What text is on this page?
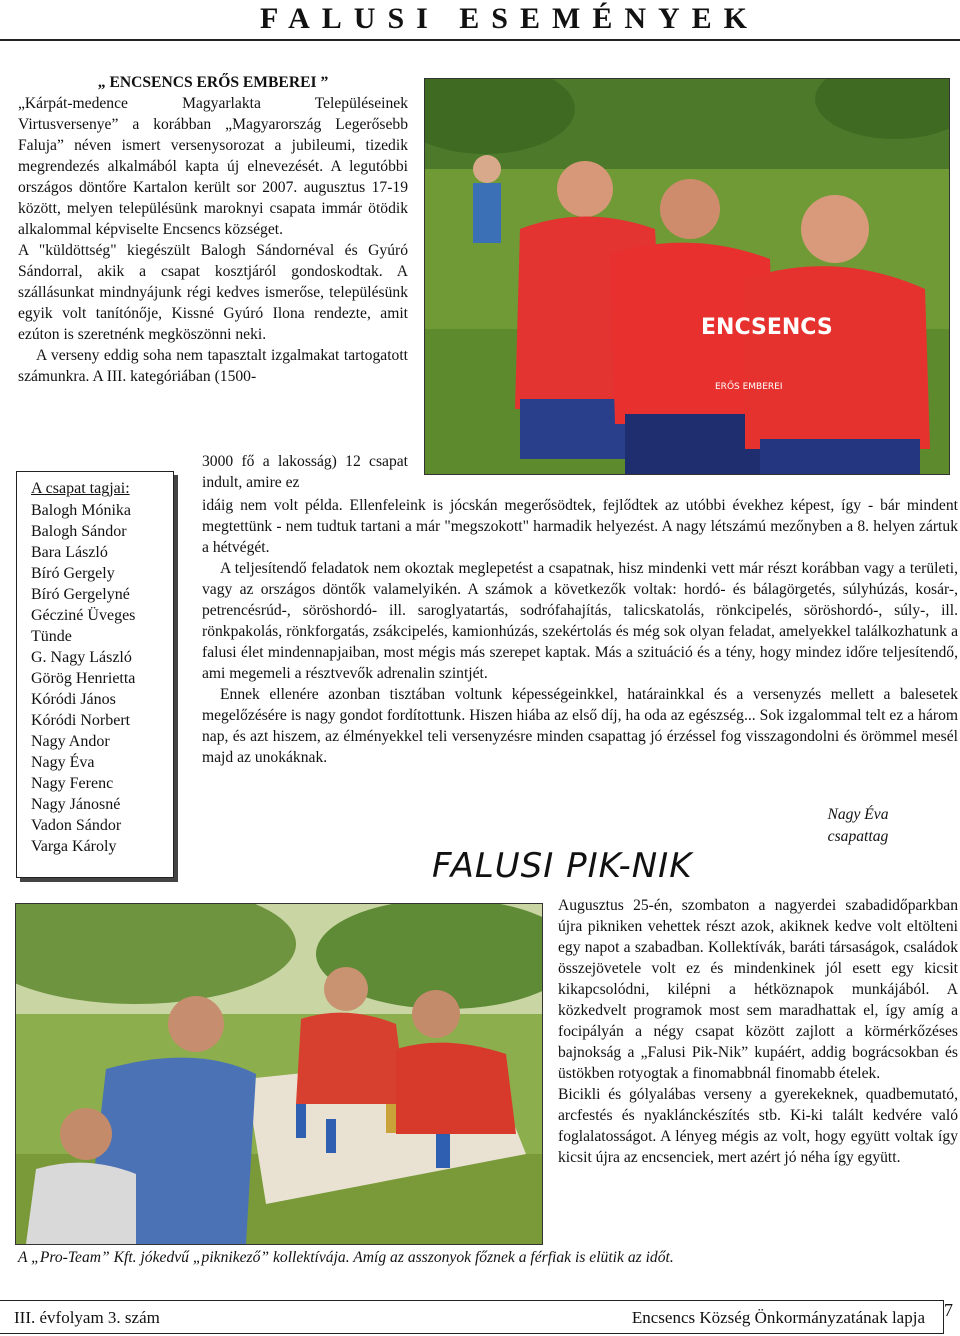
FALUSI ESEMÉNYEK

„ ENCSENCS ERŐS EMBEREI ”

„Kárpát-medence Magyarlakta Településeinek Virtusversenye” a korábban „Magyarország Legerősebb Faluja” néven ismert versenysorozat a jubileumi, tizedik megrendezés alkalmából kapta új elnevezését. A legutóbbi országos döntőre Kartalon került sor 2007. augusztus 17-19 között, melyen településünk maroknyi csapata immár ötödik alkalommal képviselte Encsencs községet.

A "küldöttség" kiegészült Balogh Sándornéval és Gyúró Sándorral, akik a csapat kosztjáról gondoskodtak. A szállásunkat mindnyájunk régi kedves ismerőse, településünk egyik volt tanítónője, Kissné Gyúró Ilona rendezte, amit ezúton is szeretnénk megköszönni neki.

A verseny eddig soha nem tapasztalt izgalmakat tartogatott számunkra. A III. kategóriában (1500-

ENCSENCS
ERŐS EMBEREI
3000 fő a lakosság) 12 csapat indult, amire ez
A csapat tagjai:
Balogh Mónika
Balogh Sándor
Bara László
Bíró Gergely
Bíró Gergelyné
Gécziné Üveges
Tünde
G. Nagy László
Görög Henrietta
Kóródi János
Kóródi Norbert
Nagy Andor
Nagy Éva
Nagy Ferenc
Nagy Jánosné
Vadon Sándor
Varga Károly

idáig nem volt példa. Ellenfeleink is jócskán megerősödtek, fejlődtek az utóbbi évekhez képest, így - bár mindent megtettünk - nem tudtuk tartani a már "megszokott" harmadik helyezést. A nagy létszámú mezőnyben a 8. helyen zártuk a hétvégét.

A teljesítendő feladatok nem okoztak meglepetést a csapatnak, hisz mindenki vett már részt korábban vagy a területi, vagy az országos döntők valamelyikén. A számok a következők voltak: hordó- és bálagörgetés, súlyhúzás, kosár-, petrencésrúd-, söröshordó- ill. saroglyatartás, sodrófahajítás, talicskatolás, rönkcipelés, söröshordó-, súly-, ill. rönkpakolás, rönkforgatás, zsákcipelés, kamionhúzás, szekértolás és még sok olyan feladat, amelyekkel találkozhatunk a falusi élet mindennapjaiban, most mégis más szerepet kaptak. Más a szituáció és a tény, hogy mindez időre teljesítendő, ami megemeli a résztvevők adrenalin szintjét.

Ennek ellenére azonban tisztában voltunk képességeinkkel, határainkkal és a versenyzés mellett a balesetek megelőzésére is nagy gondot fordítottunk. Hiszen hiába az első díj, ha oda az egészség... Sok izgalommal telt ez a három nap, és azt hiszem, az élményekkel teli versenyzésre minden csapattag jó érzéssel fog visszagondolni és örömmel mesél majd az unokáknak.

Nagy Éva
csapattag
FALUSI PIK-NIK

Augusztus 25-én, szombaton a nagyerdei szabadidőparkban újra pikniken vehettek részt azok, akiknek kedve volt eltölteni egy napot a szabadban. Kollektívák, baráti társaságok, családok összejövetele volt ez és mindenkinek jól esett egy kicsit kikapcsolódni, kilépni a hétköznapok munkájából. A közkedvelt programok most sem maradhattak el, így amíg a focipályán a négy csapat között zajlott a körmérkőzéses bajnokság a „Falusi Pik-Nik” kupáért, addig bográcsokban és üstökben rotyogtak a finomabbnál finomabb ételek.

Bicikli és gólyalábas verseny a gyerekeknek, quadbemutató, arcfestés és nyaklánckészítés stb. Ki-ki talált kedvére való foglalatosságot. A lényeg mégis az volt, hogy együtt voltak így kicsit újra az encsenciek, mert azért jó néha így együtt.

A „Pro-Team” Kft. jókedvű „piknikező” kollektívája. Amíg az asszonyok főznek a férfiak is elütik az időt.
III. évfolyam 3. szám	Encsencs Község Önkormányzatának lapja 7
